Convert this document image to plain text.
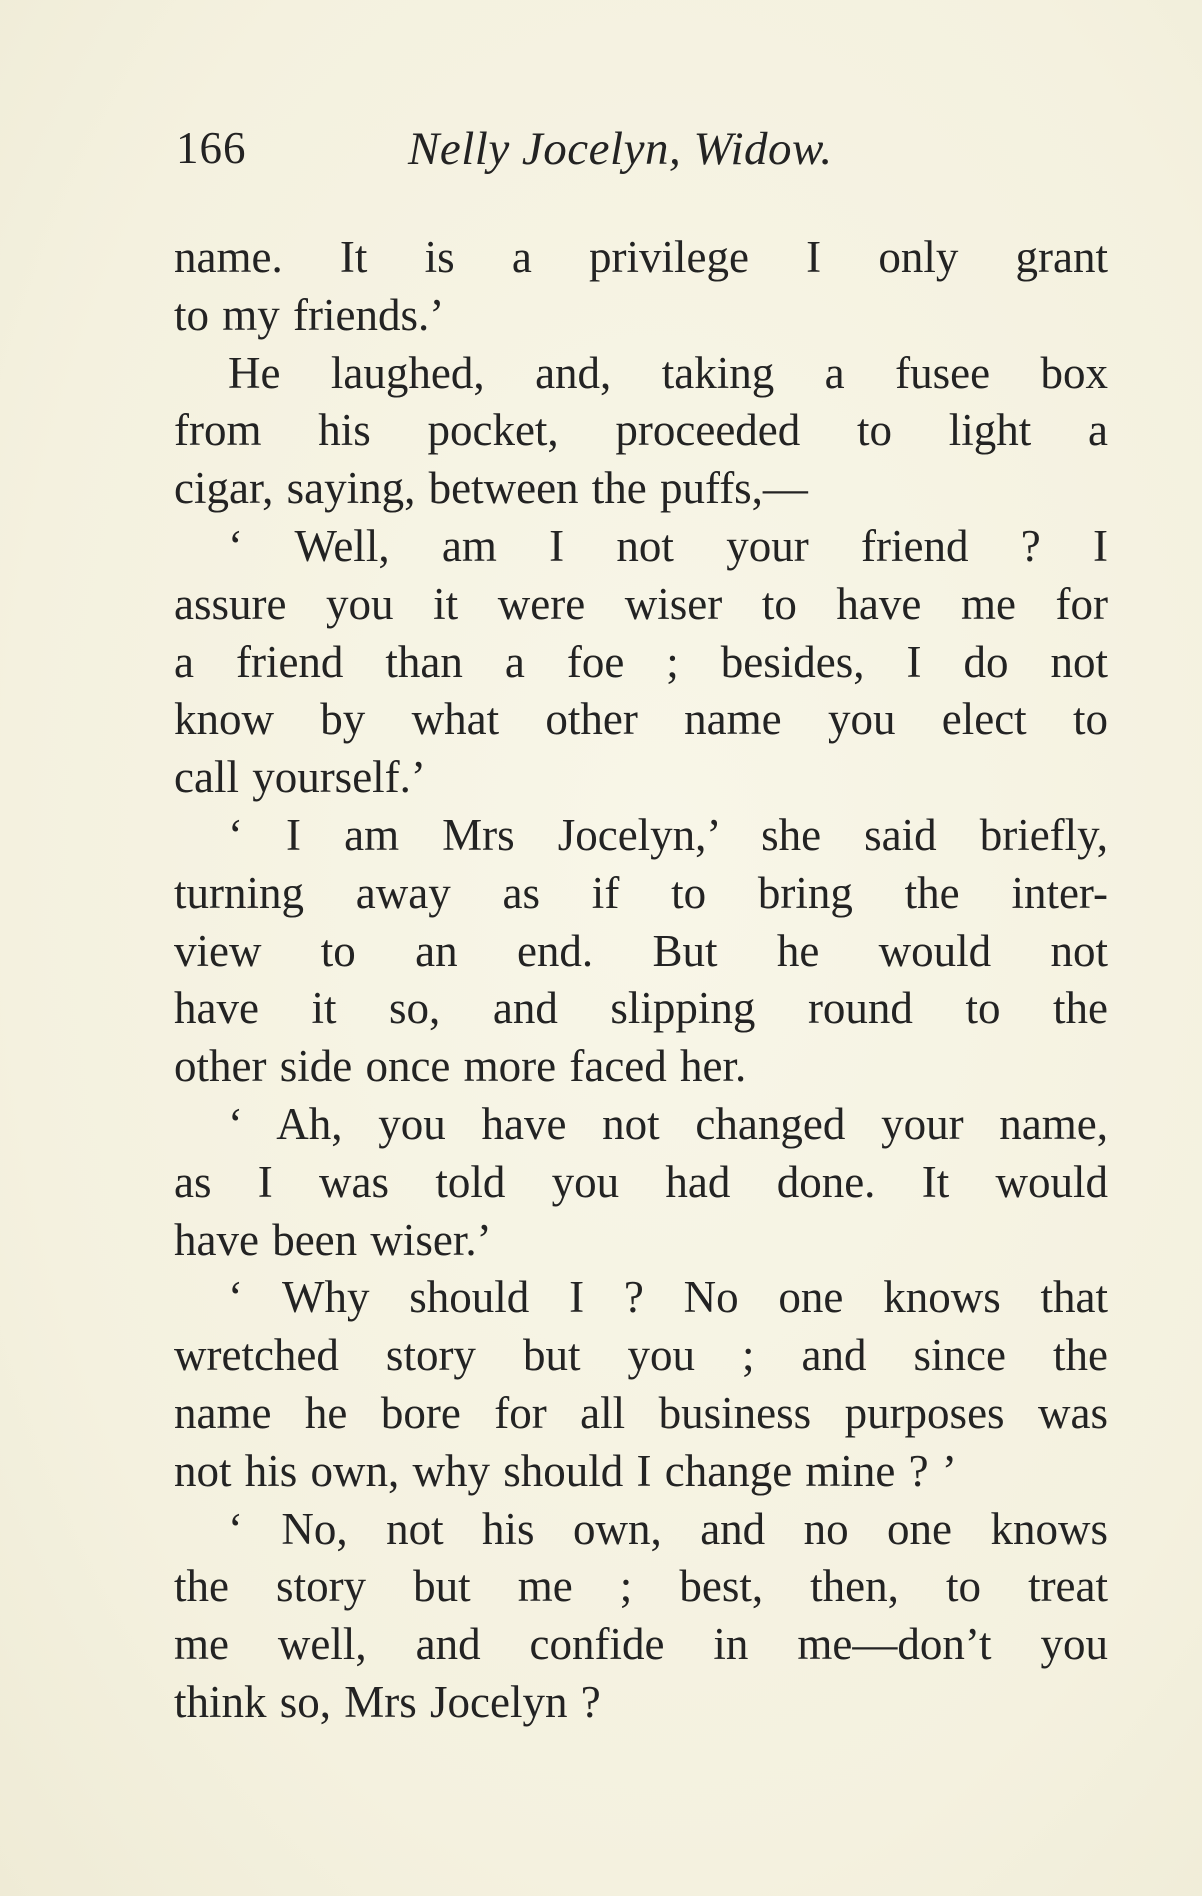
166	Nelly Jocelyn, Widow.
name. It is a privilege I only grant
to my friends.’
He laughed, and, taking a fusee box
from his pocket, proceeded to light a
cigar, saying, between the puffs,—
‘ Well, am I not your friend ? I
assure you it were wiser to have me for
a friend than a foe ; besides, I do not
know by what other name you elect to
call yourself.’
‘ I am Mrs Jocelyn,’ she said briefly,
turning away as if to bring the inter-
view to an end. But he would not
have it so, and slipping round to the
other side once more faced her.
‘ Ah, you have not changed your name,
as I was told you had done. It would
have been wiser.’
‘ Why should I ? No one knows that
wretched story but you ; and since the
name he bore for all business purposes was
not his own, why should I change mine ? ’
‘ No, not his own, and no one knows
the story but me ; best, then, to treat
me well, and confide in me—don’t you
think so, Mrs Jocelyn ?
